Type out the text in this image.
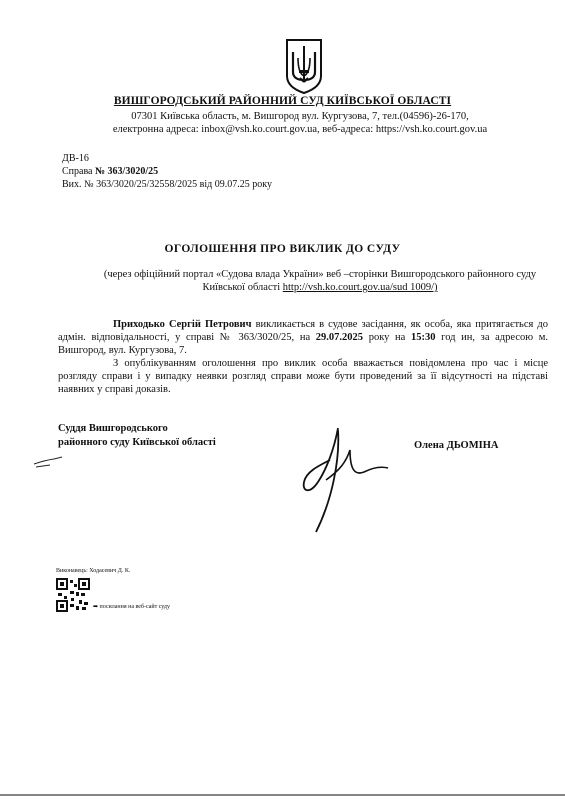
ВИШГОРОДСЬКИЙ РАЙОННИЙ СУД КИЇВСЬКОЇ ОБЛАСТІ
07301 Київська область, м. Вишгород вул. Кургузова, 7, тел.(04596)-26-170,
електронна адреса: inbox@vsh.ko.court.gov.ua, веб-адреса: https://vsh.ko.court.gov.ua
ДВ-16
Справа № 363/3020/25
Вих. № 363/3020/25/32558/2025 від 09.07.25 року
ОГОЛОШЕННЯ ПРО ВИКЛИК ДО СУДУ
(через офіційний портал «Судова влада України» веб –сторінки Вишгородського районного суду Київської області http://vsh.ko.court.gov.ua/sud 1009/)

Приходько Сергій Петрович викликається в судове засідання, як особа, яка притягається до адмін. відповідальності, у справі № 363/3020/25, на 29.07.2025 року на 15:30 год ин, за адресою м. Вишгород, вул. Кургузова, 7.

З опублікуванням оголошення про виклик особа вважається повідомлена про час і місце розгляду справи і у випадку неявки розгляд справи може бути проведений за її відсутності на підставі наявних у справі доказів.

Суддя Вишгородського
районного суду Київської області	Олена ДЬОМІНА
Виконавець: Ходасевич Д. К.
➡ посилання на веб-сайт суду
